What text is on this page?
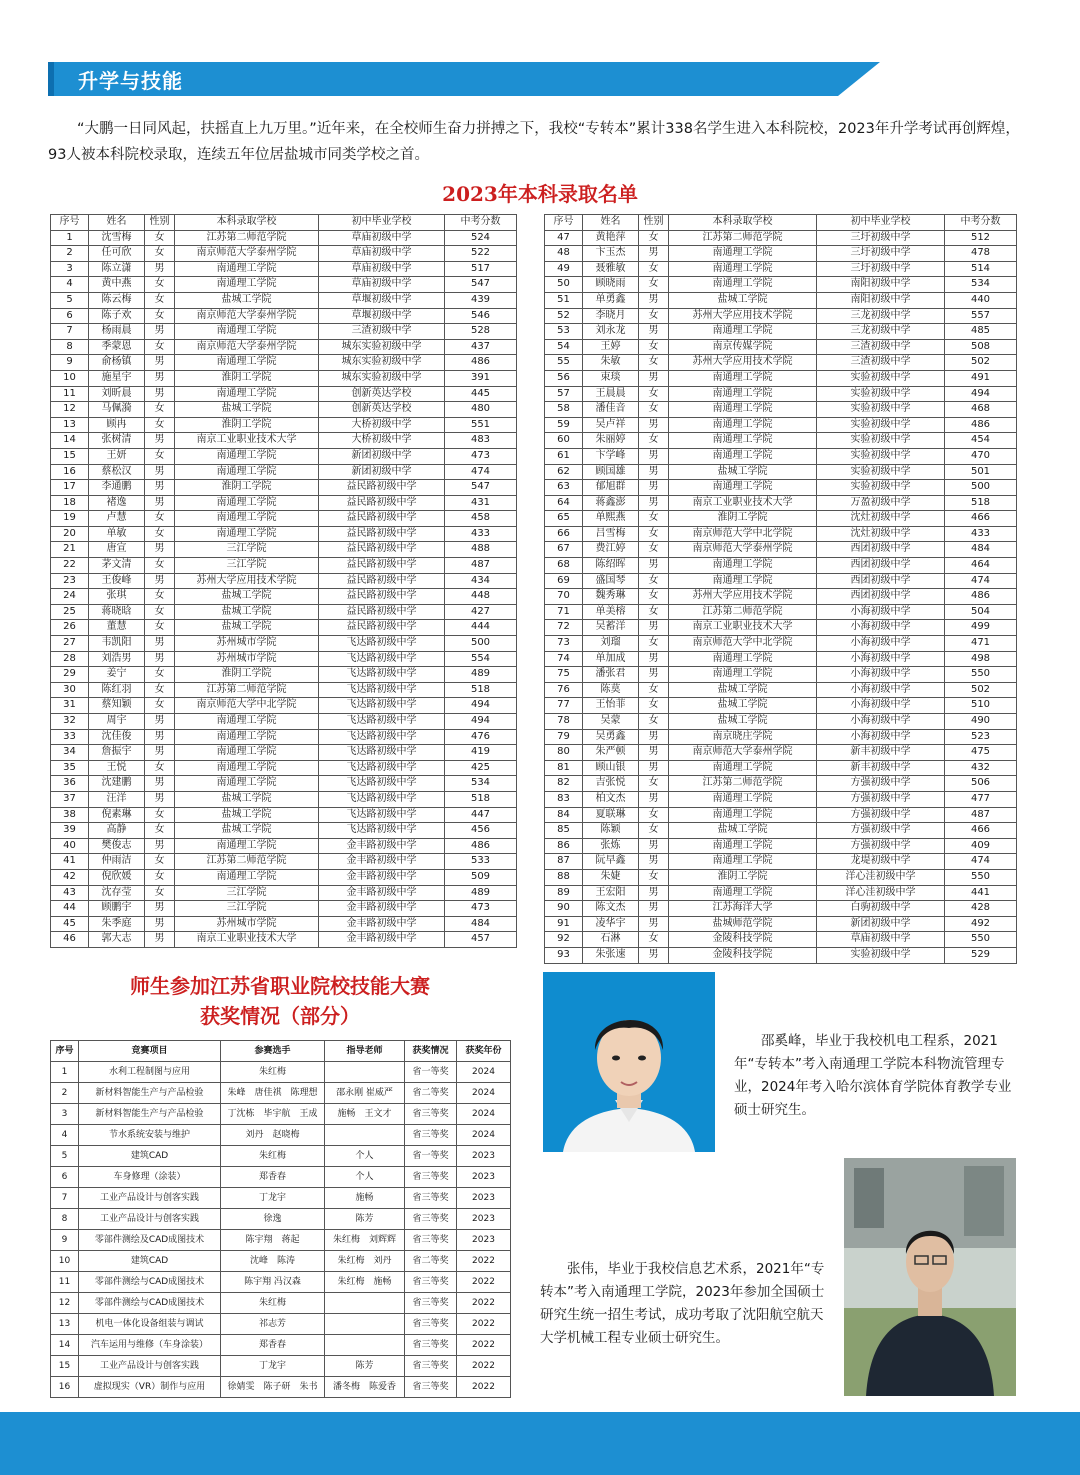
升学与技能

“大鹏一日同风起，扶摇直上九万里。”近年来，在全校师生奋力拼搏之下，我校“专转本”累计338名学生进入本科院校，2023年升学考试再创辉煌，93人被本科院校录取，连续五年位居盐城市同类学校之首。

2023年本科录取名单
序号	姓名	性别	本科录取学校	初中毕业学校	中考分数
1	沈雪梅	女	江苏第二师范学院	草庙初级中学	524
2	任可欣	女	南京师范大学泰州学院	草庙初级中学	522
3	陈立潇	男	南通理工学院	草庙初级中学	517
4	黄中燕	女	南通理工学院	草庙初级中学	547
5	陈云梅	女	盐城工学院	草堰初级中学	439
6	陈子欢	女	南京师范大学泰州学院	草堰初级中学	546
7	杨雨晨	男	南通理工学院	三渣初级中学	528
8	季蒙恩	女	南京师范大学泰州学院	城东实验初级中学	437
9	俞杨镇	男	南通理工学院	城东实验初级中学	486
10	施星宇	男	淮阴工学院	城东实验初级中学	391
11	刘昕晨	男	南通理工学院	创新英达学校	445
12	马佩漪	女	盐城工学院	创新英达学校	480
13	顾冉	女	淮阴工学院	大桥初级中学	551
14	张树清	男	南京工业职业技术大学	大桥初级中学	483
15	王妍	女	南通理工学院	新团初级中学	473
16	蔡松汉	男	南通理工学院	新团初级中学	474
17	李通鹏	男	淮阴工学院	益民路初级中学	547
18	褚逸	男	南通理工学院	益民路初级中学	431
19	卢慧	女	南通理工学院	益民路初级中学	458
20	单敏	女	南通理工学院	益民路初级中学	433
21	唐宣	男	三江学院	益民路初级中学	488
22	茅文清	女	三江学院	益民路初级中学	487
23	王俊峰	男	苏州大学应用技术学院	益民路初级中学	434
24	张琪	女	盐城工学院	益民路初级中学	448
25	蒋晓晗	女	盐城工学院	益民路初级中学	427
26	董慧	女	盐城工学院	益民路初级中学	444
27	韦凯阳	男	苏州城市学院	飞达路初级中学	500
28	刘浩男	男	苏州城市学院	飞达路初级中学	554
29	姜宁	女	淮阴工学院	飞达路初级中学	489
30	陈红羽	女	江苏第二师范学院	飞达路初级中学	518
31	蔡知颖	女	南京师范大学中北学院	飞达路初级中学	494
32	周宇	男	南通理工学院	飞达路初级中学	494
33	沈佳俊	男	南通理工学院	飞达路初级中学	476
34	詹振宇	男	南通理工学院	飞达路初级中学	419
35	王悦	女	南通理工学院	飞达路初级中学	425
36	沈建鹏	男	南通理工学院	飞达路初级中学	534
37	汪洋	男	盐城工学院	飞达路初级中学	518
38	倪素琳	女	盐城工学院	飞达路初级中学	447
39	高静	女	盐城工学院	飞达路初级中学	456
40	樊俊志	男	南通理工学院	金丰路初级中学	486
41	仲雨洁	女	江苏第二师范学院	金丰路初级中学	533
42	倪欣媛	女	南通理工学院	金丰路初级中学	509
43	沈存莹	女	三江学院	金丰路初级中学	489
44	顾鹏宇	男	三江学院	金丰路初级中学	473
45	朱季庭	男	苏州城市学院	金丰路初级中学	484
46	郭大志	男	南京工业职业技术大学	金丰路初级中学	457
序号	姓名	性别	本科录取学校	初中毕业学校	中考分数
47	黄艳萍	女	江苏第二师范学院	三圩初级中学	512
48	卞玉杰	男	南通理工学院	三圩初级中学	478
49	聂雅敏	女	南通理工学院	三圩初级中学	514
50	顾晓雨	女	南通理工学院	南阳初级中学	534
51	单勇鑫	男	盐城工学院	南阳初级中学	440
52	李晓月	女	苏州大学应用技术学院	三龙初级中学	557
53	刘永龙	男	南通理工学院	三龙初级中学	485
54	王婷	女	南京传媒学院	三渣初级中学	508
55	朱敏	女	苏州大学应用技术学院	三渣初级中学	502
56	束琰	男	南通理工学院	实验初级中学	491
57	王晨晨	女	南通理工学院	实验初级中学	494
58	潘佳音	女	南通理工学院	实验初级中学	468
59	吴卢祥	男	南通理工学院	实验初级中学	486
60	朱丽婷	女	南通理工学院	实验初级中学	454
61	卞学峰	男	南通理工学院	实验初级中学	470
62	顾国雄	男	盐城工学院	实验初级中学	501
63	郁旭群	男	南通理工学院	实验初级中学	500
64	蒋鑫澎	男	南京工业职业技术大学	万盈初级中学	518
65	单熙燕	女	淮阴工学院	沈灶初级中学	466
66	吕雪梅	女	南京师范大学中北学院	沈灶初级中学	433
67	费江婷	女	南京师范大学泰州学院	西团初级中学	484
68	陈绍晖	男	南通理工学院	西团初级中学	464
69	盛国琴	女	南通理工学院	西团初级中学	474
70	魏秀琳	女	苏州大学应用技术学院	西团初级中学	486
71	单美榕	女	江苏第二师范学院	小海初级中学	504
72	吴蓄洋	男	南京工业职业技术大学	小海初级中学	499
73	刘瑠	女	南京师范大学中北学院	小海初级中学	471
74	单加成	男	南通理工学院	小海初级中学	498
75	潘张君	男	南通理工学院	小海初级中学	550
76	陈莫	女	盐城工学院	小海初级中学	502
77	王怡菲	女	盐城工学院	小海初级中学	510
78	吴蒙	女	盐城工学院	小海初级中学	490
79	吴勇鑫	男	南京晓庄学院	小海初级中学	523
80	朱严顿	男	南京师范大学泰州学院	新丰初级中学	475
81	顾山银	男	南通理工学院	新丰初级中学	432
82	吉张悦	女	江苏第二师范学院	方强初级中学	506
83	柏文杰	男	南通理工学院	方强初级中学	477
84	夏联琳	女	南通理工学院	方强初级中学	487
85	陈颖	女	盐城工学院	方强初级中学	466
86	张炼	男	南通理工学院	方强初级中学	409
87	阮早鑫	男	南通理工学院	龙堤初级中学	474
88	朱婕	女	淮阴工学院	洋心洼初级中学	550
89	王宏阳	男	南通理工学院	洋心洼初级中学	441
90	陈文杰	男	江苏海洋大学	白驹初级中学	428
91	凌华宇	男	盐城师范学院	新团初级中学	492
92	石淋	女	金陵科技学院	草庙初级中学	550
93	朱张速	男	金陵科技学院	实验初级中学	529
师生参加江苏省职业院校技能大赛
获奖情况（部分）
序号	竞赛项目	参赛选手	指导老师	获奖情况	获奖年份
1	水利工程制图与应用	朱红梅		省一等奖	2024
2	新材料智能生产与产品检验	朱峰　唐佳祺　陈理想	邵永刚 崔威严	省二等奖	2024
3	新材料智能生产与产品检验	丁沈栋　毕宇航　王成	施畅　王文才	省三等奖	2024
4	节水系统安装与维护	刘丹　赵晓梅		省三等奖	2024
5	建筑CAD	朱红梅	个人	省一等奖	2023
6	车身修理（涂装）	郑香春	个人	省三等奖	2023
7	工业产品设计与创客实践	丁龙宇	施畅	省三等奖	2023
8	工业产品设计与创客实践	徐逸	陈芳	省三等奖	2023
9	零部件测绘及CAD成图技术	陈宇翔　蒋起	朱红梅　刘辉辉	省三等奖	2023
10	建筑CAD	沈峰　陈涛	朱红梅　刘丹	省二等奖	2022
11	零部件测绘与CAD成图技术	陈宇翔 冯汉森	朱红梅　施畅	省三等奖	2022
12	零部件测绘与CAD成图技术	朱红梅		省三等奖	2022
13	机电一体化设备组装与调试	祁志芳		省三等奖	2022
14	汽车运用与维修（车身涂装）	郑香春		省三等奖	2022
15	工业产品设计与创客实践	丁龙宇	陈芳	省三等奖	2022
16	虚拟现实（VR）制作与应用	徐婧雯　陈子研　朱书	潘冬梅　陈爱香	省三等奖	2022

邵奚峰，毕业于我校机电工程系，2021年“专转本”考入南通理工学院本科物流管理专业，2024年考入哈尔滨体育学院体育教学专业硕士研究生。

张伟，毕业于我校信息艺术系，2021年“专转本”考入南通理工学院，2023年参加全国硕士研究生统一招生考试，成功考取了沈阳航空航天大学机械工程专业硕士研究生。
